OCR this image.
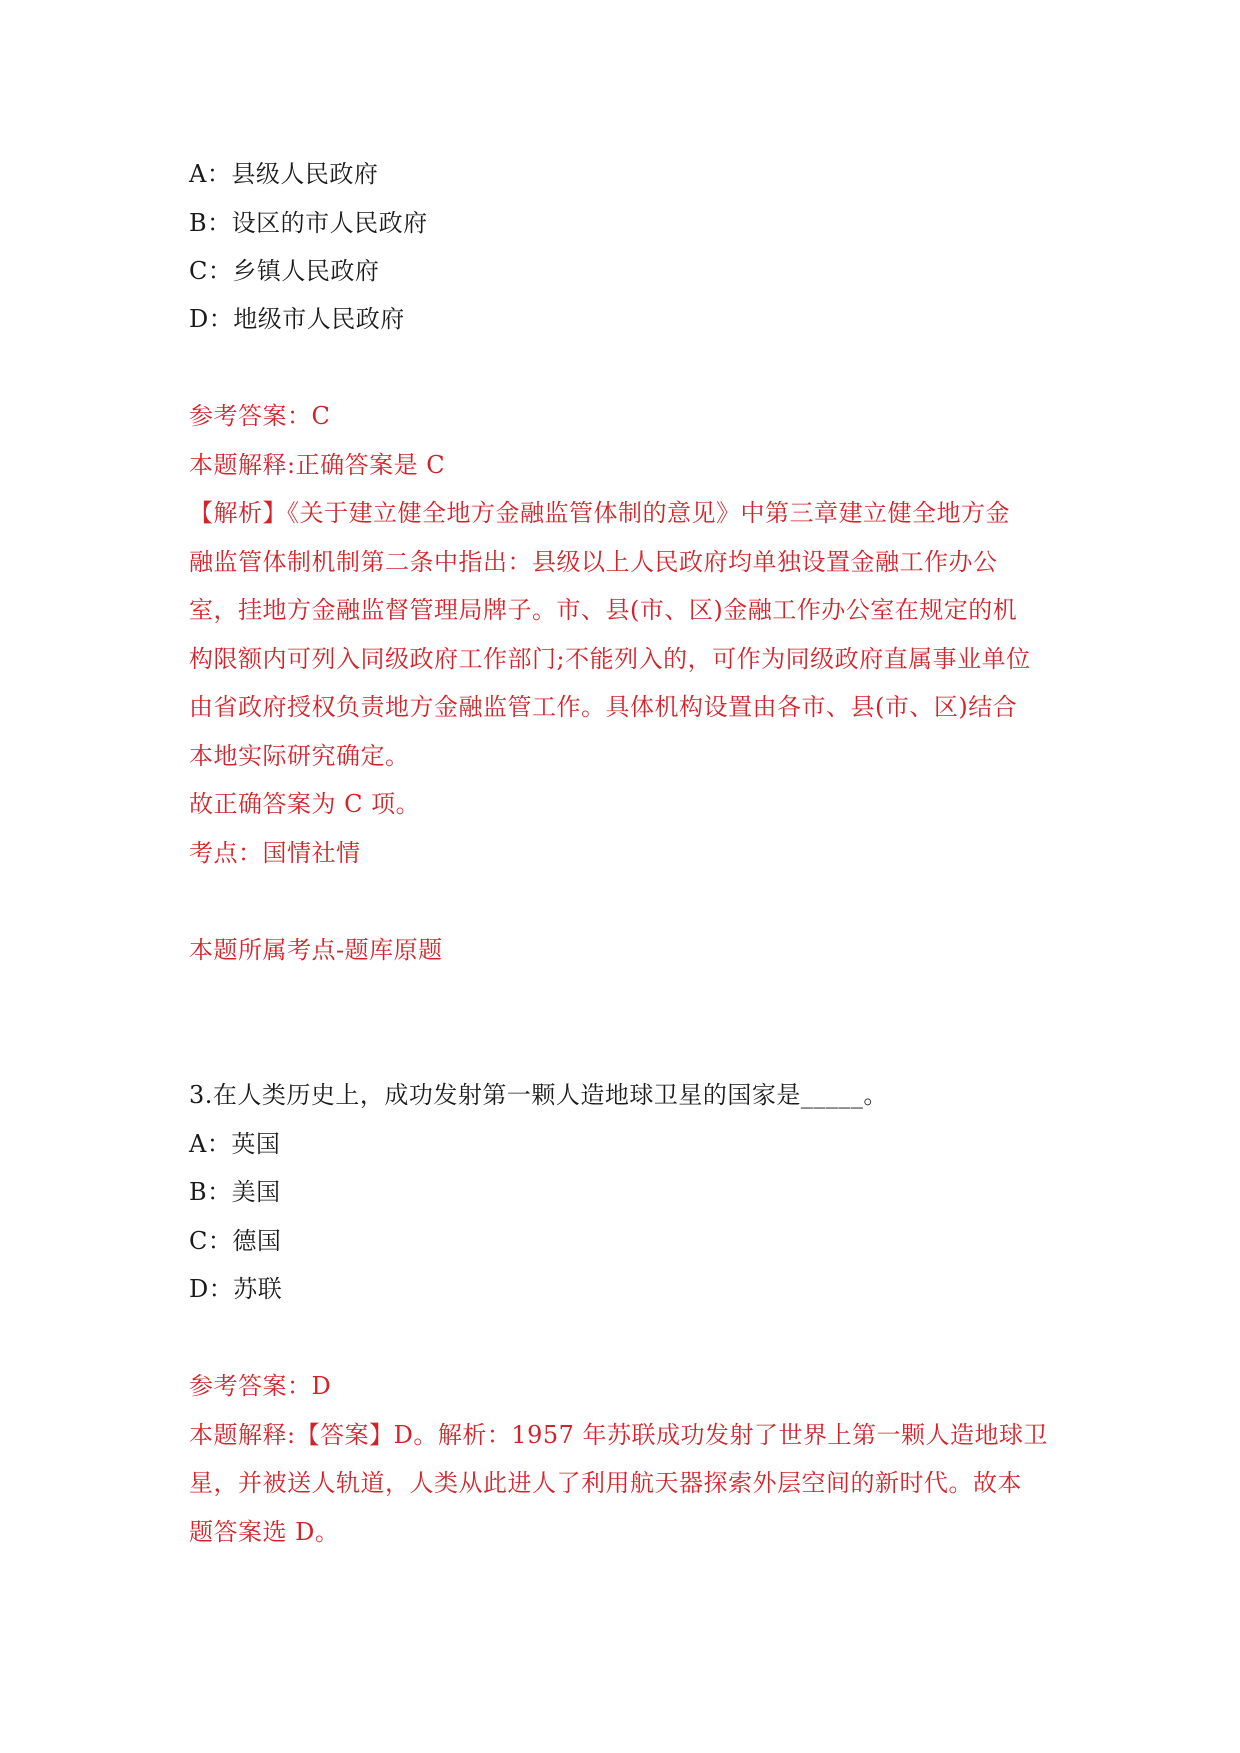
A：县级人民政府
B：设区的市人民政府
C：乡镇人民政府
D：地级市人民政府
参考答案：C
本题解释:正确答案是 C
【解析】《关于建立健全地方金融监管体制的意见》中第三章建立健全地方金
融监管体制机制第二条中指出：县级以上人民政府均单独设置金融工作办公
室，挂地方金融监督管理局牌子。市、县(市、区)金融工作办公室在规定的机
构限额内可列入同级政府工作部门;不能列入的，可作为同级政府直属事业单位
由省政府授权负责地方金融监管工作。具体机构设置由各市、县(市、区)结合
本地实际研究确定。
故正确答案为 C 项。
考点：国情社情
本题所属考点-题库原题
3.在人类历史上，成功发射第一颗人造地球卫星的国家是_____。
A：英国
B：美国
C：德国
D：苏联
参考答案：D
本题解释:【答案】D。解析：1957 年苏联成功发射了世界上第一颗人造地球卫
星，并被送人轨道，人类从此进人了利用航天器探索外层空间的新时代。故本
题答案选 D。
